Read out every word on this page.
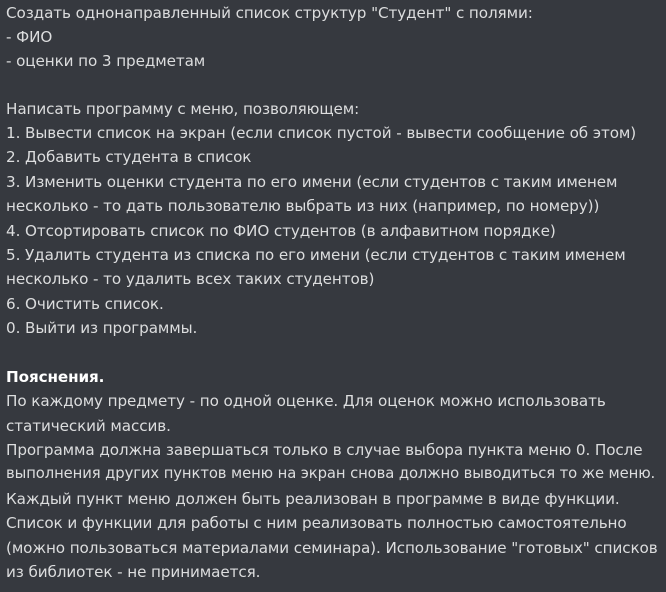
Создать однонаправленный список структур "Студент" с полями:
- ФИО
- оценки по 3 предметам
Написать программу с меню, позволяющем:
1. Вывести список на экран (если список пустой - вывести сообщение об этом)
2. Добавить студента в список
3. Изменить оценки студента по его имени (если студентов с таким именем
несколько - то дать пользователю выбрать из них (например, по номеру))
4. Отсортировать список по ФИО студентов (в алфавитном порядке)
5. Удалить студента из списка по его имени (если студентов с таким именем
несколько - то удалить всех таких студентов)
6. Очистить список.
0. Выйти из программы.
Пояснения.
По каждому предмету - по одной оценке. Для оценок можно использовать
статический массив.
Программа должна завершаться только в случае выбора пункта меню 0. После
выполнения других пунктов меню на экран снова должно выводиться то же меню.
Каждый пункт меню должен быть реализован в программе в виде функции.
Список и функции для работы с ним реализовать полностью самостоятельно
(можно пользоваться материалами семинара). Использование "готовых" списков
из библиотек - не принимается.
